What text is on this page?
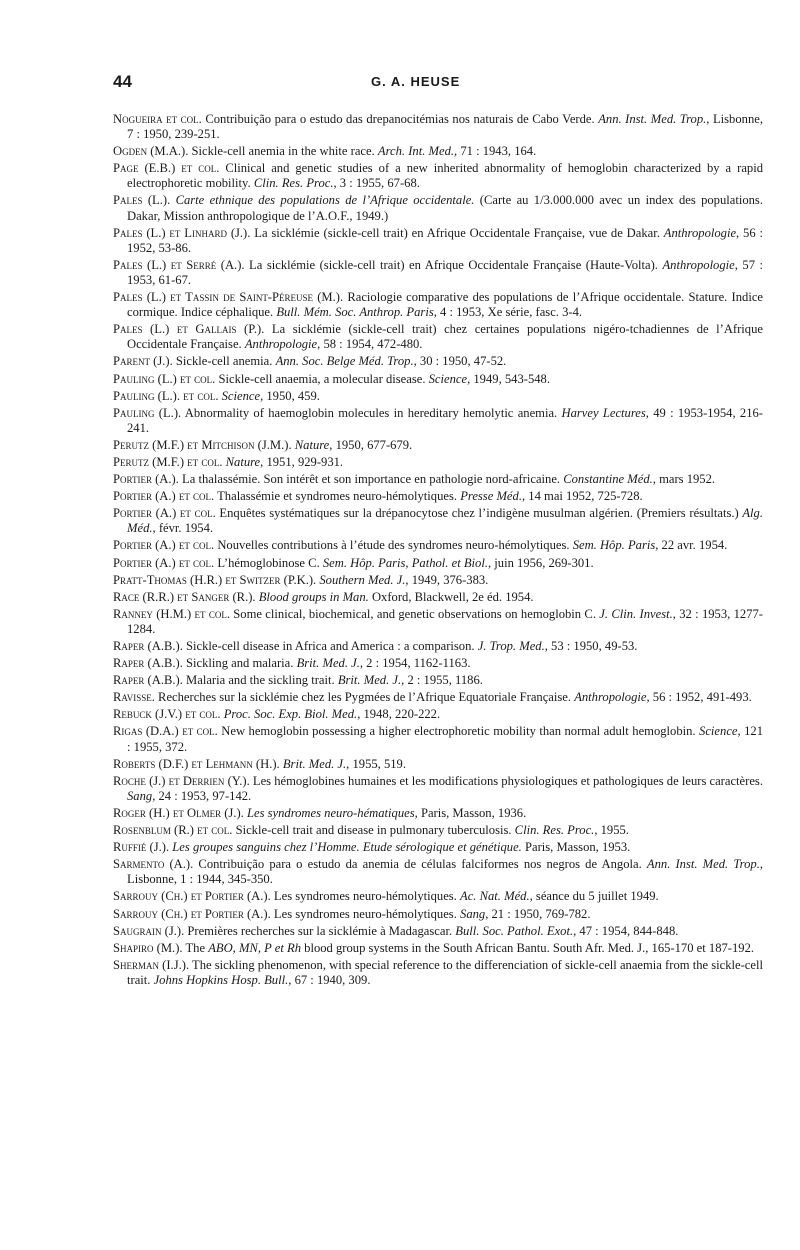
44	G. A. HEUSE
Nogueira et col. Contribuição para o estudo das drepanocitémias nos naturais de Cabo Verde. Ann. Inst. Med. Trop., Lisbonne, 7 : 1950, 239-251.
Ogden (M.A.). Sickle-cell anemia in the white race. Arch. Int. Med., 71 : 1943, 164.
Page (E.B.) et col. Clinical and genetic studies of a new inherited abnormality of hemoglobin characterized by a rapid electrophoretic mobility. Clin. Res. Proc., 3 : 1955, 67-68.
Pales (L.). Carte ethnique des populations de l’Afrique occidentale. (Carte au 1/3.000.000 avec un index des populations. Dakar, Mission anthropologique de l’A.O.F., 1949.)
Pales (L.) et Linhard (J.). La sicklémie (sickle-cell trait) en Afrique Occidentale Française, vue de Dakar. Anthropologie, 56 : 1952, 53-86.
Pales (L.) et Serré (A.). La sicklémie (sickle-cell trait) en Afrique Occidentale Française (Haute-Volta). Anthropologie, 57 : 1953, 61-67.
Pales (L.) et Tassin de Saint-Péreuse (M.). Raciologie comparative des populations de l’Afrique occidentale. Stature. Indice cormique. Indice céphalique. Bull. Mém. Soc. Anthrop. Paris, 4 : 1953, Xe série, fasc. 3-4.
Pales (L.) et Gallais (P.). La sicklémie (sickle-cell trait) chez certaines populations nigéro-tchadiennes de l’Afrique Occidentale Française. Anthropologie, 58 : 1954, 472-480.
Parent (J.). Sickle-cell anemia. Ann. Soc. Belge Méd. Trop., 30 : 1950, 47-52.
Pauling (L.) et col. Sickle-cell anaemia, a molecular disease. Science, 1949, 543-548.
Pauling (L.). et col. Science, 1950, 459.
Pauling (L.). Abnormality of haemoglobin molecules in hereditary hemolytic anemia. Harvey Lectures, 49 : 1953-1954, 216-241.
Perutz (M.F.) et Mitchison (J.M.). Nature, 1950, 677-679.
Perutz (M.F.) et col. Nature, 1951, 929-931.
Portier (A.). La thalassémie. Son intérêt et son importance en pathologie nord-africaine. Constantine Méd., mars 1952.
Portier (A.) et col. Thalassémie et syndromes neuro-hémolytiques. Presse Méd., 14 mai 1952, 725-728.
Portier (A.) et col. Enquêtes systématiques sur la drépanocytose chez l’indigène musulman algérien. (Premiers résultats.) Alg. Méd., févr. 1954.
Portier (A.) et col. Nouvelles contributions à l’étude des syndromes neuro-hémolytiques. Sem. Hôp. Paris, 22 avr. 1954.
Portier (A.) et col. L’hémoglobinose C. Sem. Hôp. Paris, Pathol. et Biol., juin 1956, 269-301.
Pratt-Thomas (H.R.) et Switzer (P.K.). Southern Med. J., 1949, 376-383.
Race (R.R.) et Sanger (R.). Blood groups in Man. Oxford, Blackwell, 2e éd. 1954.
Ranney (H.M.) et col. Some clinical, biochemical, and genetic observations on hemoglobin C. J. Clin. Invest., 32 : 1953, 1277-1284.
Raper (A.B.). Sickle-cell disease in Africa and America : a comparison. J. Trop. Med., 53 : 1950, 49-53.
Raper (A.B.). Sickling and malaria. Brit. Med. J., 2 : 1954, 1162-1163.
Raper (A.B.). Malaria and the sickling trait. Brit. Med. J., 2 : 1955, 1186.
Ravisse. Recherches sur la sicklémie chez les Pygmées de l’Afrique Equatoriale Française. Anthropologie, 56 : 1952, 491-493.
Rebuck (J.V.) et col. Proc. Soc. Exp. Biol. Med., 1948, 220-222.
Rigas (D.A.) et col. New hemoglobin possessing a higher electrophoretic mobility than normal adult hemoglobin. Science, 121 : 1955, 372.
Roberts (D.F.) et Lehmann (H.). Brit. Med. J., 1955, 519.
Roche (J.) et Derrien (Y.). Les hémoglobines humaines et les modifications physiologiques et pathologiques de leurs caractères. Sang, 24 : 1953, 97-142.
Roger (H.) et Olmer (J.). Les syndromes neuro-hématiques, Paris, Masson, 1936.
Rosenblum (R.) et col. Sickle-cell trait and disease in pulmonary tuberculosis. Clin. Res. Proc., 1955.
Ruffié (J.). Les groupes sanguins chez l’Homme. Etude sérologique et génétique. Paris, Masson, 1953.
Sarmento (A.). Contribuição para o estudo da anemia de células falciformes nos negros de Angola. Ann. Inst. Med. Trop., Lisbonne, 1 : 1944, 345-350.
Sarrouy (Ch.) et Portier (A.). Les syndromes neuro-hémolytiques. Ac. Nat. Méd., séance du 5 juillet 1949.
Sarrouy (Ch.) et Portier (A.). Les syndromes neuro-hémolytiques. Sang, 21 : 1950, 769-782.
Saugrain (J.). Premières recherches sur la sicklémie à Madagascar. Bull. Soc. Pathol. Exot., 47 : 1954, 844-848.
Shapiro (M.). The ABO, MN, P et Rh blood group systems in the South African Bantu. South Afr. Med. J., 165-170 et 187-192.
Sherman (I.J.). The sickling phenomenon, with special reference to the differenciation of sickle-cell anaemia from the sickle-cell trait. Johns Hopkins Hosp. Bull., 67 : 1940, 309.
